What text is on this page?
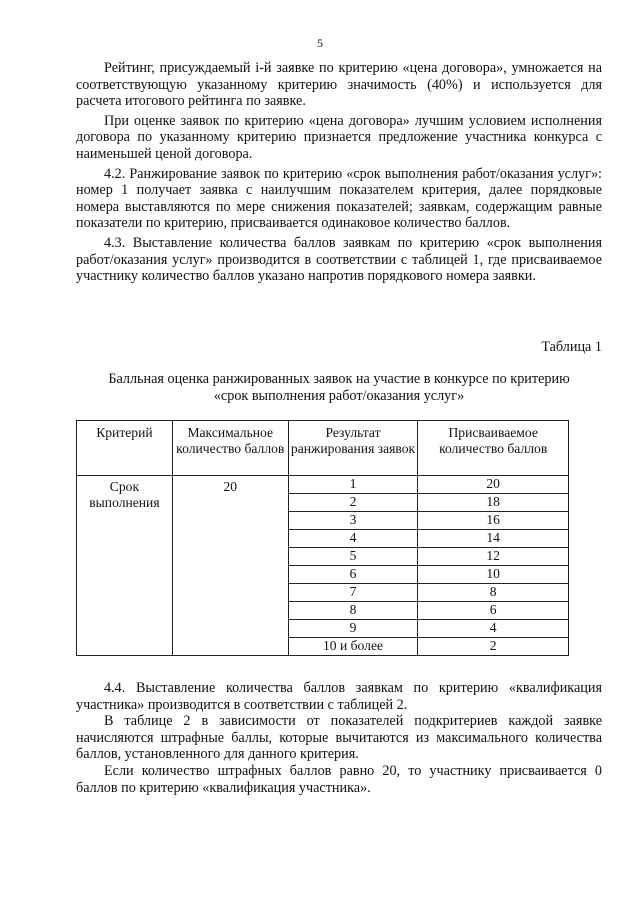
5

Рейтинг, присуждаемый i-й заявке по критерию «цена договора», умножается на соответствующую указанному критерию значимость (40%) и используется для расчета итогового рейтинга по заявке.

При оценке заявок по критерию «цена договора» лучшим условием исполнения договора по указанному критерию признается предложение участника конкурса с наименьшей ценой договора.

4.2. Ранжирование заявок по критерию «срок выполнения работ/оказания услуг»: номер 1 получает заявка с наилучшим показателем критерия, далее порядковые номера выставляются по мере снижения показателей; заявкам, содержащим равные показатели по критерию, присваивается одинаковое количество баллов.

4.3. Выставление количества баллов заявкам по критерию «срок выполнения работ/оказания услуг» производится в соответствии с таблицей 1, где присваиваемое участнику количество баллов указано напротив порядкового номера заявки.

Таблица 1
Балльная оценка ранжированных заявок на участие в конкурсе по критерию
«срок выполнения работ/оказания услуг»
Критерий	Максимальное количество баллов	Результат ранжирования заявок	Присваиваемое количество баллов
Срок выполнения	20	1	20
		2	18
		3	16
		4	14
		5	12
		6	10
		7	8
		8	6
		9	4
		10 и более	2

4.4. Выставление количества баллов заявкам по критерию «квалификация участника» производится в соответствии с таблицей 2.

В таблице 2 в зависимости от показателей подкритериев каждой заявке начисляются штрафные баллы, которые вычитаются из максимального количества баллов, установленного для данного критерия.

Если количество штрафных баллов равно 20, то участнику присваивается 0 баллов по критерию «квалификация участника».
